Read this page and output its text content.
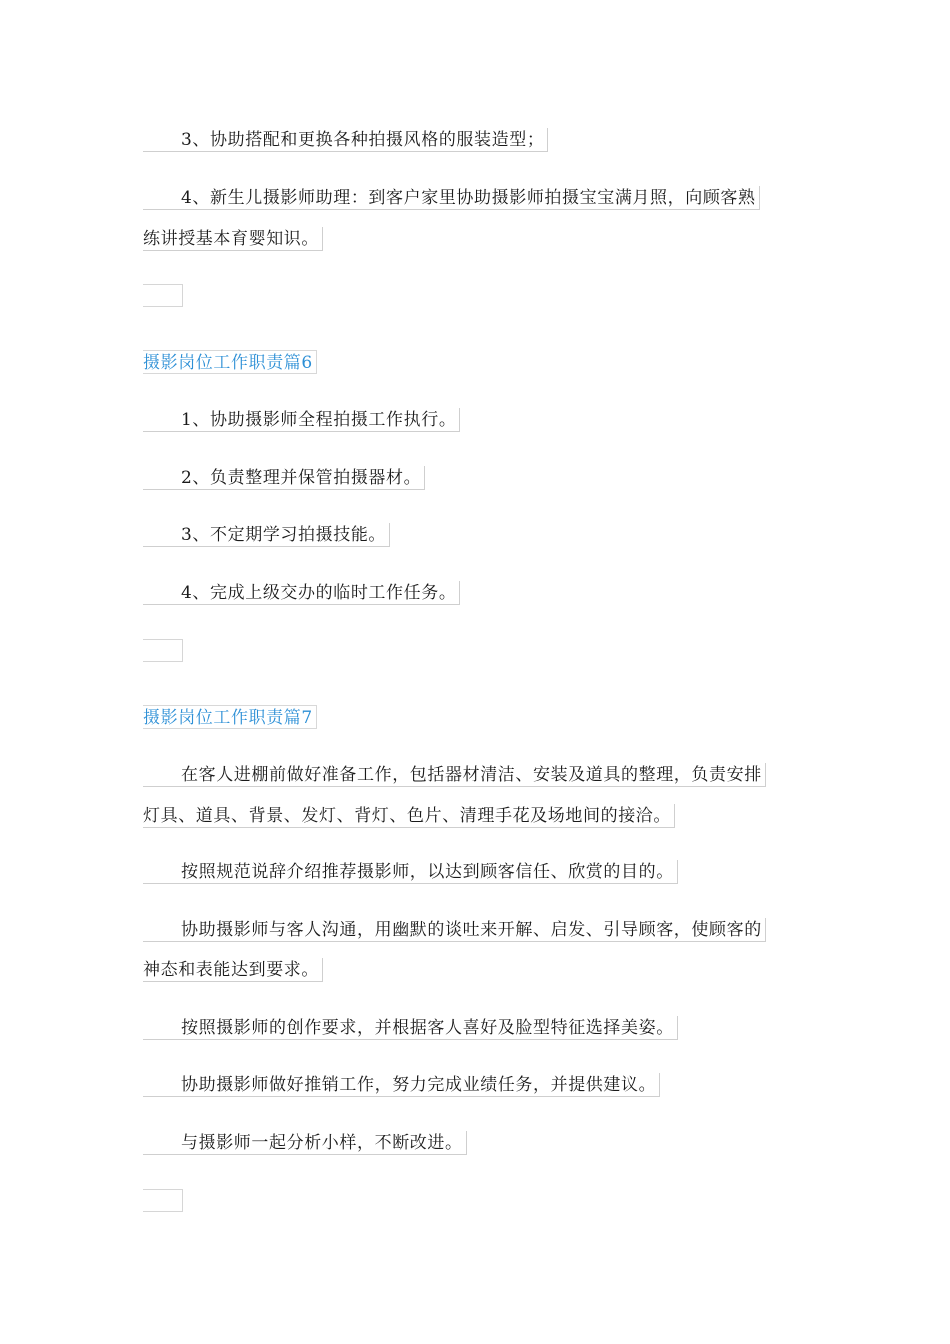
3、协助搭配和更换各种拍摄风格的服装造型；
4、新生儿摄影师助理：到客户家里协助摄影师拍摄宝宝满月照，向顾客熟
练讲授基本育婴知识。
摄影岗位工作职责篇6
1、协助摄影师全程拍摄工作执行。
2、负责整理并保管拍摄器材。
3、不定期学习拍摄技能。
4、完成上级交办的临时工作任务。
摄影岗位工作职责篇7
在客人进棚前做好准备工作，包括器材清洁、安装及道具的整理，负责安排
灯具、道具、背景、发灯、背灯、色片、清理手花及场地间的接洽。
按照规范说辞介绍推荐摄影师，以达到顾客信任、欣赏的目的。
协助摄影师与客人沟通，用幽默的谈吐来开解、启发、引导顾客，使顾客的
神态和表能达到要求。
按照摄影师的创作要求，并根据客人喜好及脸型特征选择美姿。
协助摄影师做好推销工作，努力完成业绩任务，并提供建议。
与摄影师一起分析小样，不断改进。
